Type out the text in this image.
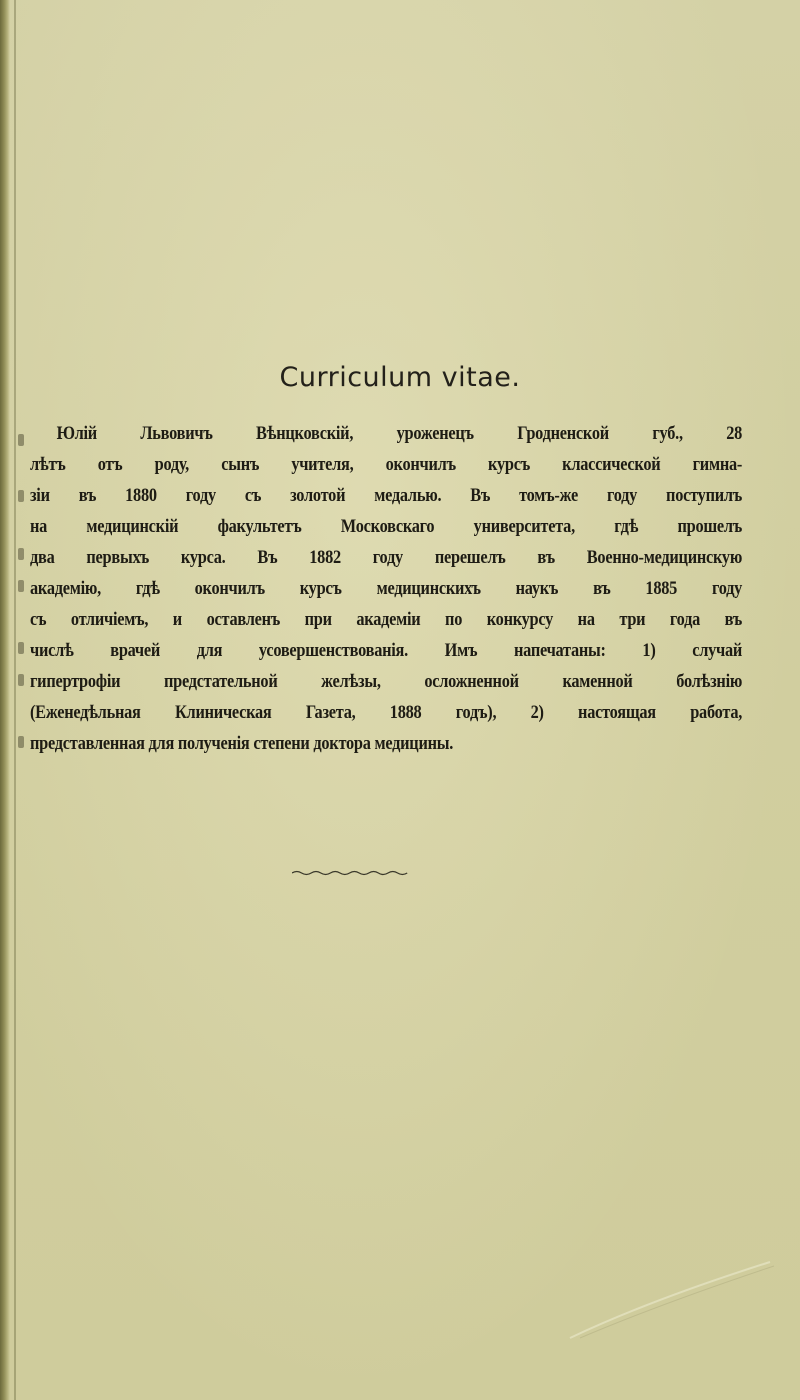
Curriculum vitae.
Юлій Львовичъ Вѣнцковскій, уроженецъ Гродненской губ., 28
лѣтъ отъ роду, сынъ учителя, окончилъ курсъ классической гимна-
зіи въ 1880 году съ золотой медалью. Въ томъ-же году поступилъ
на медицинскій факультетъ Московскаго университета, гдѣ прошелъ
два первыхъ курса. Въ 1882 году перешелъ въ Военно-медицинскую
академію, гдѣ окончилъ курсъ медицинскихъ наукъ въ 1885 году
съ отличіемъ, и оставленъ при академіи по конкурсу на три года въ
числѣ врачей для усовершенствованія. Имъ напечатаны: 1) случай
гипертрофіи предстательной желѣзы, осложненной каменной болѣзнію
(Еженедѣльная Клиническая Газета, 1888 годъ), 2) настоящая работа,
представленная для полученія степени доктора медицины.
